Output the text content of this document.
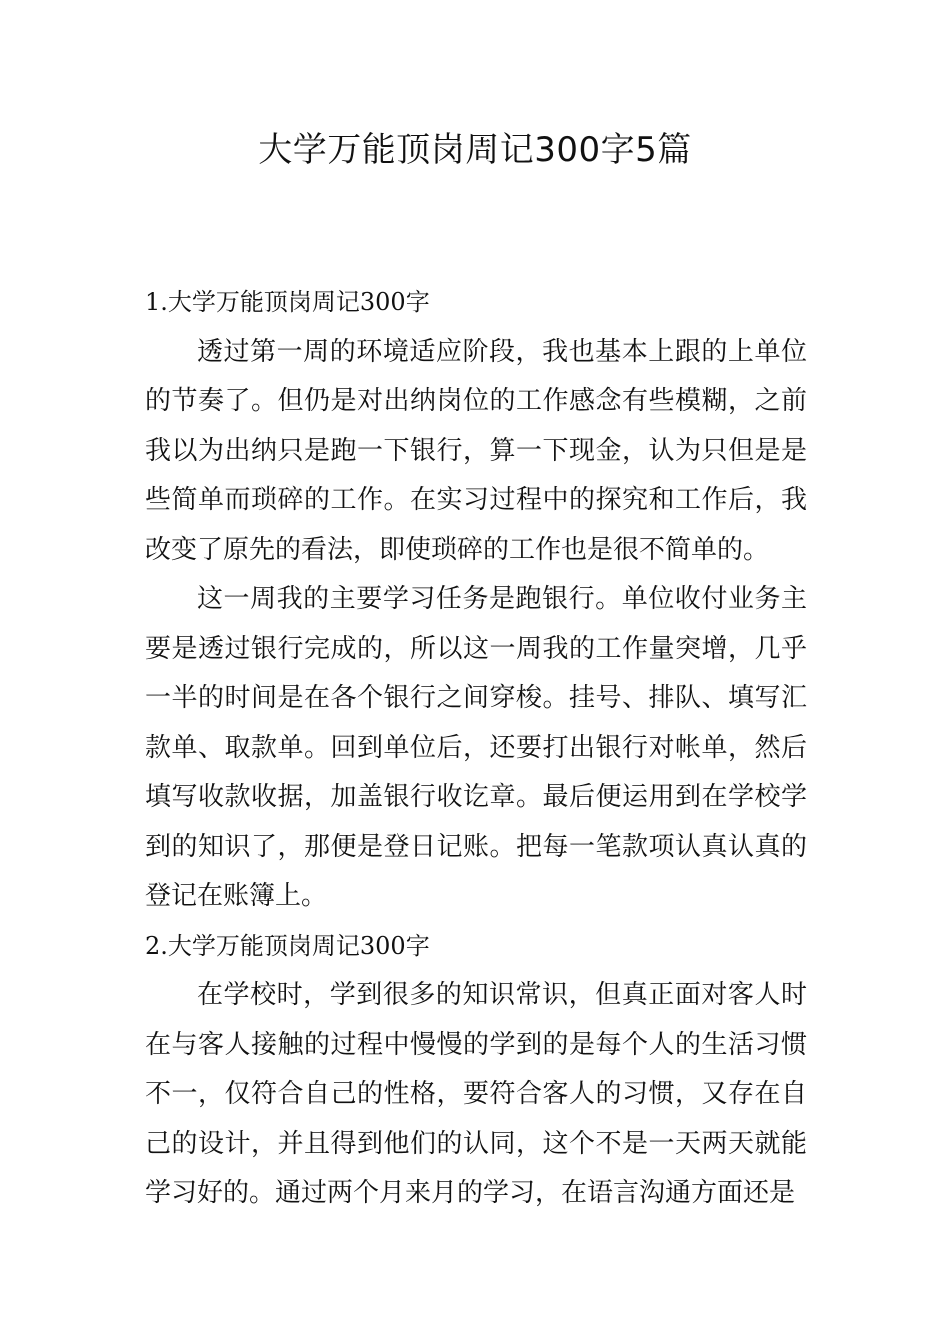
大学万能顶岗周记300字5篇
1.大学万能顶岗周记300字

透过第一周的环境适应阶段，我也基本上跟的上单位的节奏了。但仍是对出纳岗位的工作感念有些模糊，之前我以为出纳只是跑一下银行，算一下现金，认为只但是是些简单而琐碎的工作。在实习过程中的探究和工作后，我改变了原先的看法，即使琐碎的工作也是很不简单的。

这一周我的主要学习任务是跑银行。单位收付业务主要是透过银行完成的，所以这一周我的工作量突增，几乎一半的时间是在各个银行之间穿梭。挂号、排队、填写汇款单、取款单。回到单位后，还要打出银行对帐单，然后填写收款收据，加盖银行收讫章。最后便运用到在学校学到的知识了，那便是登日记账。把每一笔款项认真认真的登记在账簿上。

2.大学万能顶岗周记300字

在学校时，学到很多的知识常识，但真正面对客人时在与客人接触的过程中慢慢的学到的是每个人的生活习惯不一，仅符合自己的性格，要符合客人的习惯，又存在自己的设计，并且得到他们的认同，这个不是一天两天就能学习好的。通过两个月来月的学习，在语言沟通方面还是
